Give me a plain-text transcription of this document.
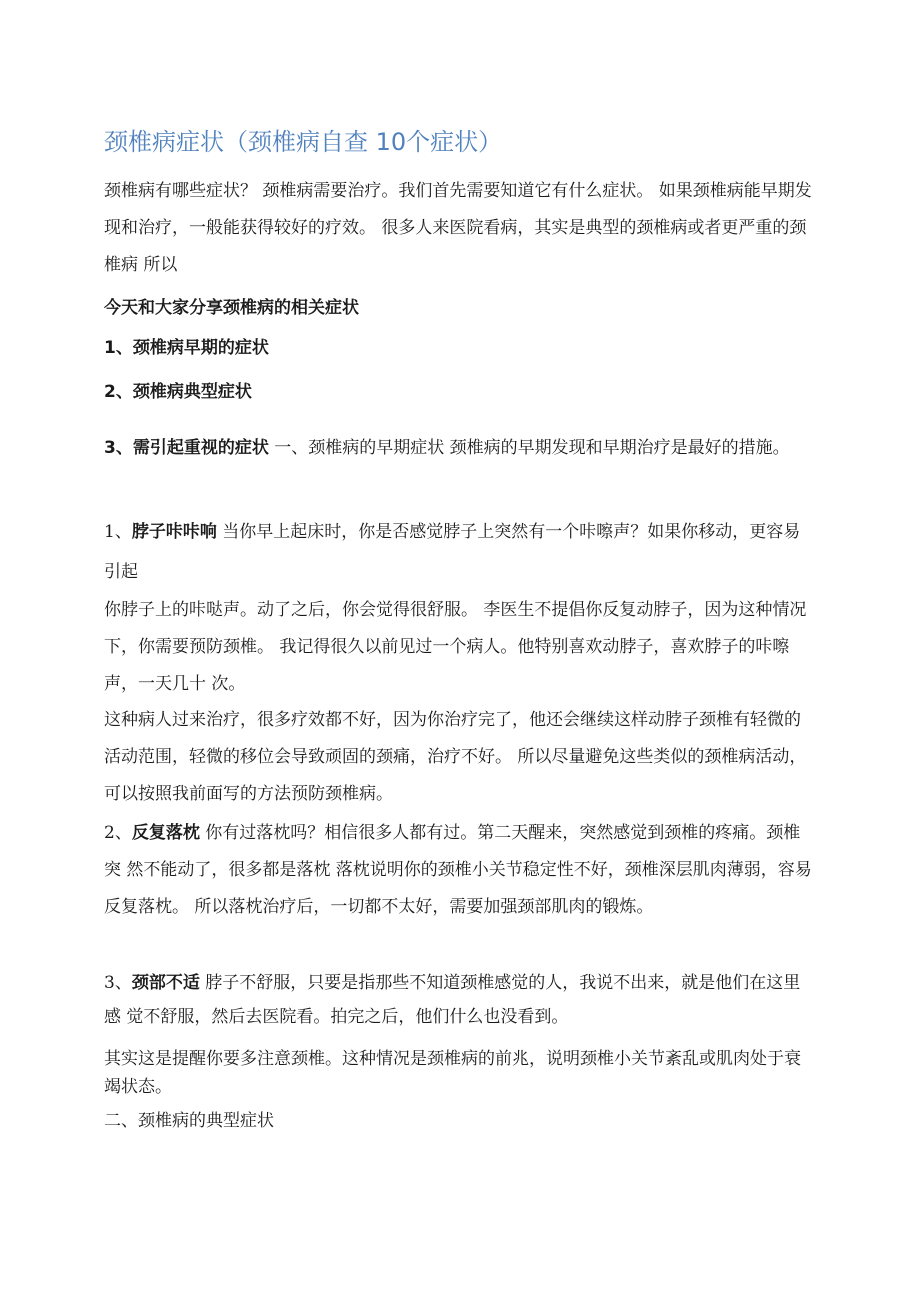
颈椎病症状（颈椎病自查 10个症状）

颈椎病有哪些症状？ 颈椎病需要治疗。我们首先需要知道它有什么症状。 如果颈椎病能早期发现和治疗，一般能获得较好的疗效。 很多人来医院看病，其实是典型的颈椎病或者更严重的颈椎病 所以

今天和大家分享颈椎病的相关症状

1、颈椎病早期的症状

2、颈椎病典型症状

3、需引起重视的症状 一、颈椎病的早期症状 颈椎病的早期发现和早期治疗是最好的措施。

1、脖子咔咔响 当你早上起床时，你是否感觉脖子上突然有一个咔嚓声？如果你移动，更容易引起

你脖子上的咔哒声。动了之后，你会觉得很舒服。 李医生不提倡你反复动脖子，因为这种情况下，你需要预防颈椎。 我记得很久以前见过一个病人。他特别喜欢动脖子，喜欢脖子的咔嚓声，一天几十 次。

这种病人过来治疗，很多疗效都不好，因为你治疗完了，他还会继续这样动脖子颈椎有轻微的活动范围，轻微的移位会导致顽固的颈痛，治疗不好。 所以尽量避免这些类似的颈椎病活动，可以按照我前面写的方法预防颈椎病。

2、反复落枕 你有过落枕吗？相信很多人都有过。第二天醒来，突然感觉到颈椎的疼痛。颈椎突 然不能动了，很多都是落枕 落枕说明你的颈椎小关节稳定性不好，颈椎深层肌肉薄弱，容易反复落枕。 所以落枕治疗后，一切都不太好，需要加强颈部肌肉的锻炼。

3、颈部不适 脖子不舒服，只要是指那些不知道颈椎感觉的人，我说不出来，就是他们在这里感 觉不舒服，然后去医院看。拍完之后，他们什么也没看到。

其实这是提醒你要多注意颈椎。这种情况是颈椎病的前兆，说明颈椎小关节紊乱或肌肉处于衰竭状态。

二、颈椎病的典型症状
